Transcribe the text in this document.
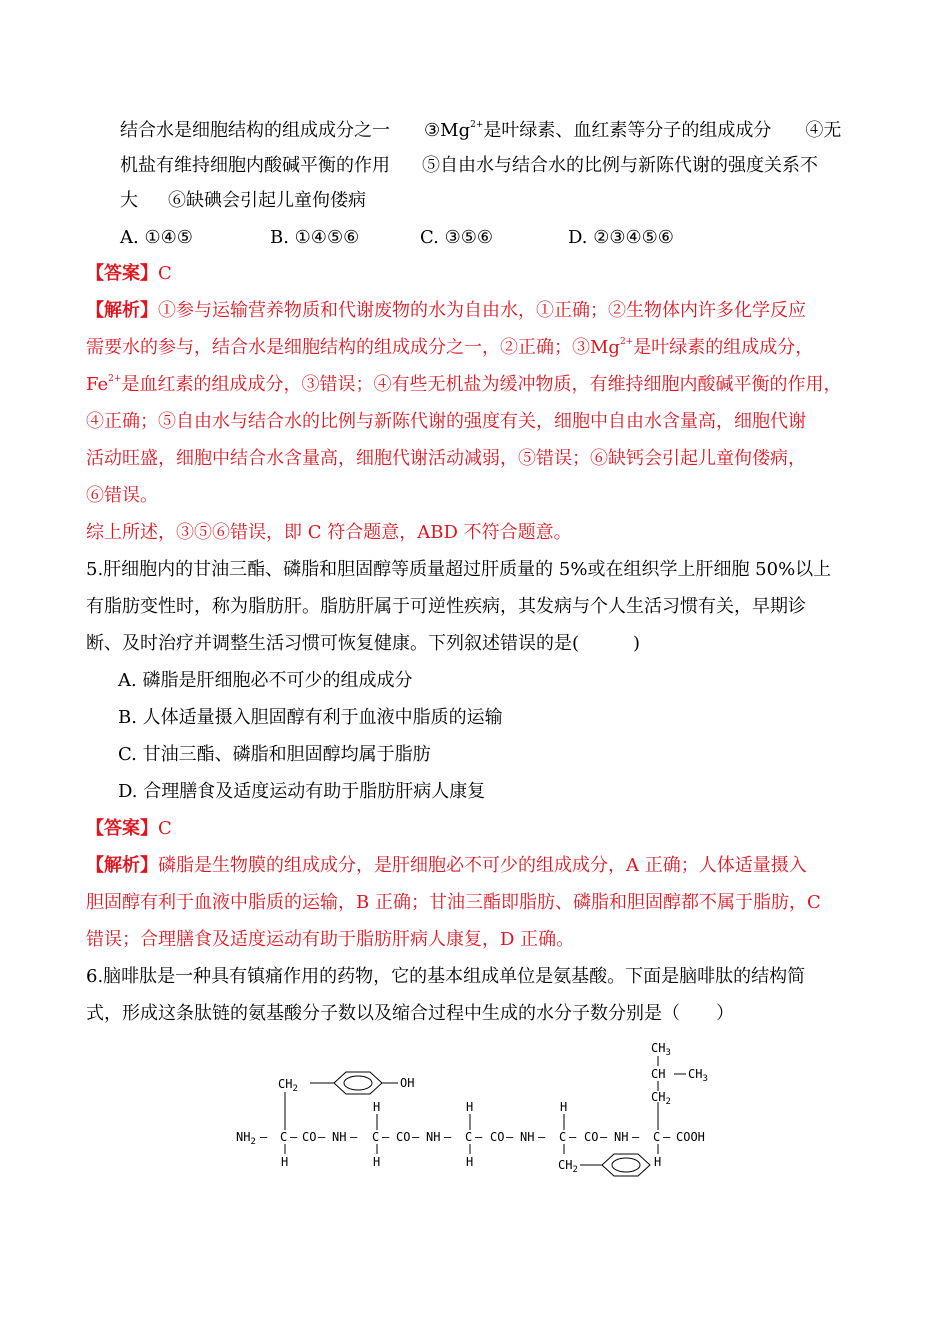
结合水是细胞结构的组成成分之一 $③Mg^{2+}$是叶绿素、血红素等分子的组成成分 ④无
机盐有维持细胞内酸碱平衡的作用 ⑤自由水与结合水的比例与新陈代谢的强度关系不
大 ⑥缺碘会引起儿童佝偻病
A. ①④⑤	B. ①④⑤⑥	C. ③⑤⑥	D. ②③④⑤⑥
【答案】C
【解析】①参与运输营养物质和代谢废物的水为自由水，①正确；②生物体内许多化学反应
需要水的参与，结合水是细胞结构的组成成分之一，②正确；$③Mg^{2+}$是叶绿素的组成成分，
$Fe^{2+}$是血红素的组成成分，③错误；④有些无机盐为缓冲物质，有维持细胞内酸碱平衡的作用，
④正确；⑤自由水与结合水的比例与新陈代谢的强度有关，细胞中自由水含量高，细胞代谢
活动旺盛，细胞中结合水含量高，细胞代谢活动减弱，⑤错误；⑥缺钙会引起儿童佝偻病，
⑥错误。
综上所述，③⑤⑥错误，即 C 符合题意，ABD 不符合题意。
5.肝细胞内的甘油三酯、磷脂和胆固醇等质量超过肝质量的 5%或在组织学上肝细胞 50%以上
有脂肪变性时，称为脂肪肝。脂肪肝属于可逆性疾病，其发病与个人生活习惯有关，早期诊
断、及时治疗并调整生活习惯可恢复健康。下列叙述错误的是(　　　)
A. 磷脂是肝细胞必不可少的组成成分
B. 人体适量摄入胆固醇有利于血液中脂质的运输
C. 甘油三酯、磷脂和胆固醇均属于脂肪
D. 合理膳食及适度运动有助于脂肪肝病人康复
【答案】C
【解析】磷脂是生物膜的组成成分，是肝细胞必不可少的组成成分，A 正确；人体适量摄入
胆固醇有利于血液中脂质的运输，B 正确；甘油三酯即脂肪、磷脂和胆固醇都不属于脂肪，C
错误；合理膳食及适度运动有助于脂肪肝病人康复，D 正确。
6.脑啡肽是一种具有镇痛作用的药物，它的基本组成单位是氨基酸。下面是脑啡肽的结构简
式，形成这条肽链的氨基酸分子数以及缩合过程中生成的水分子数分别是（　　）
$NH_2$ — C — CO — NH — C — CO — NH — C — CO — NH — C — CO — NH — C — COOH
H
H
H
H
H
H
H
$CH_2$	OH
$CH_2$
$CH_3$
CH $CH_3$
$CH_2$
